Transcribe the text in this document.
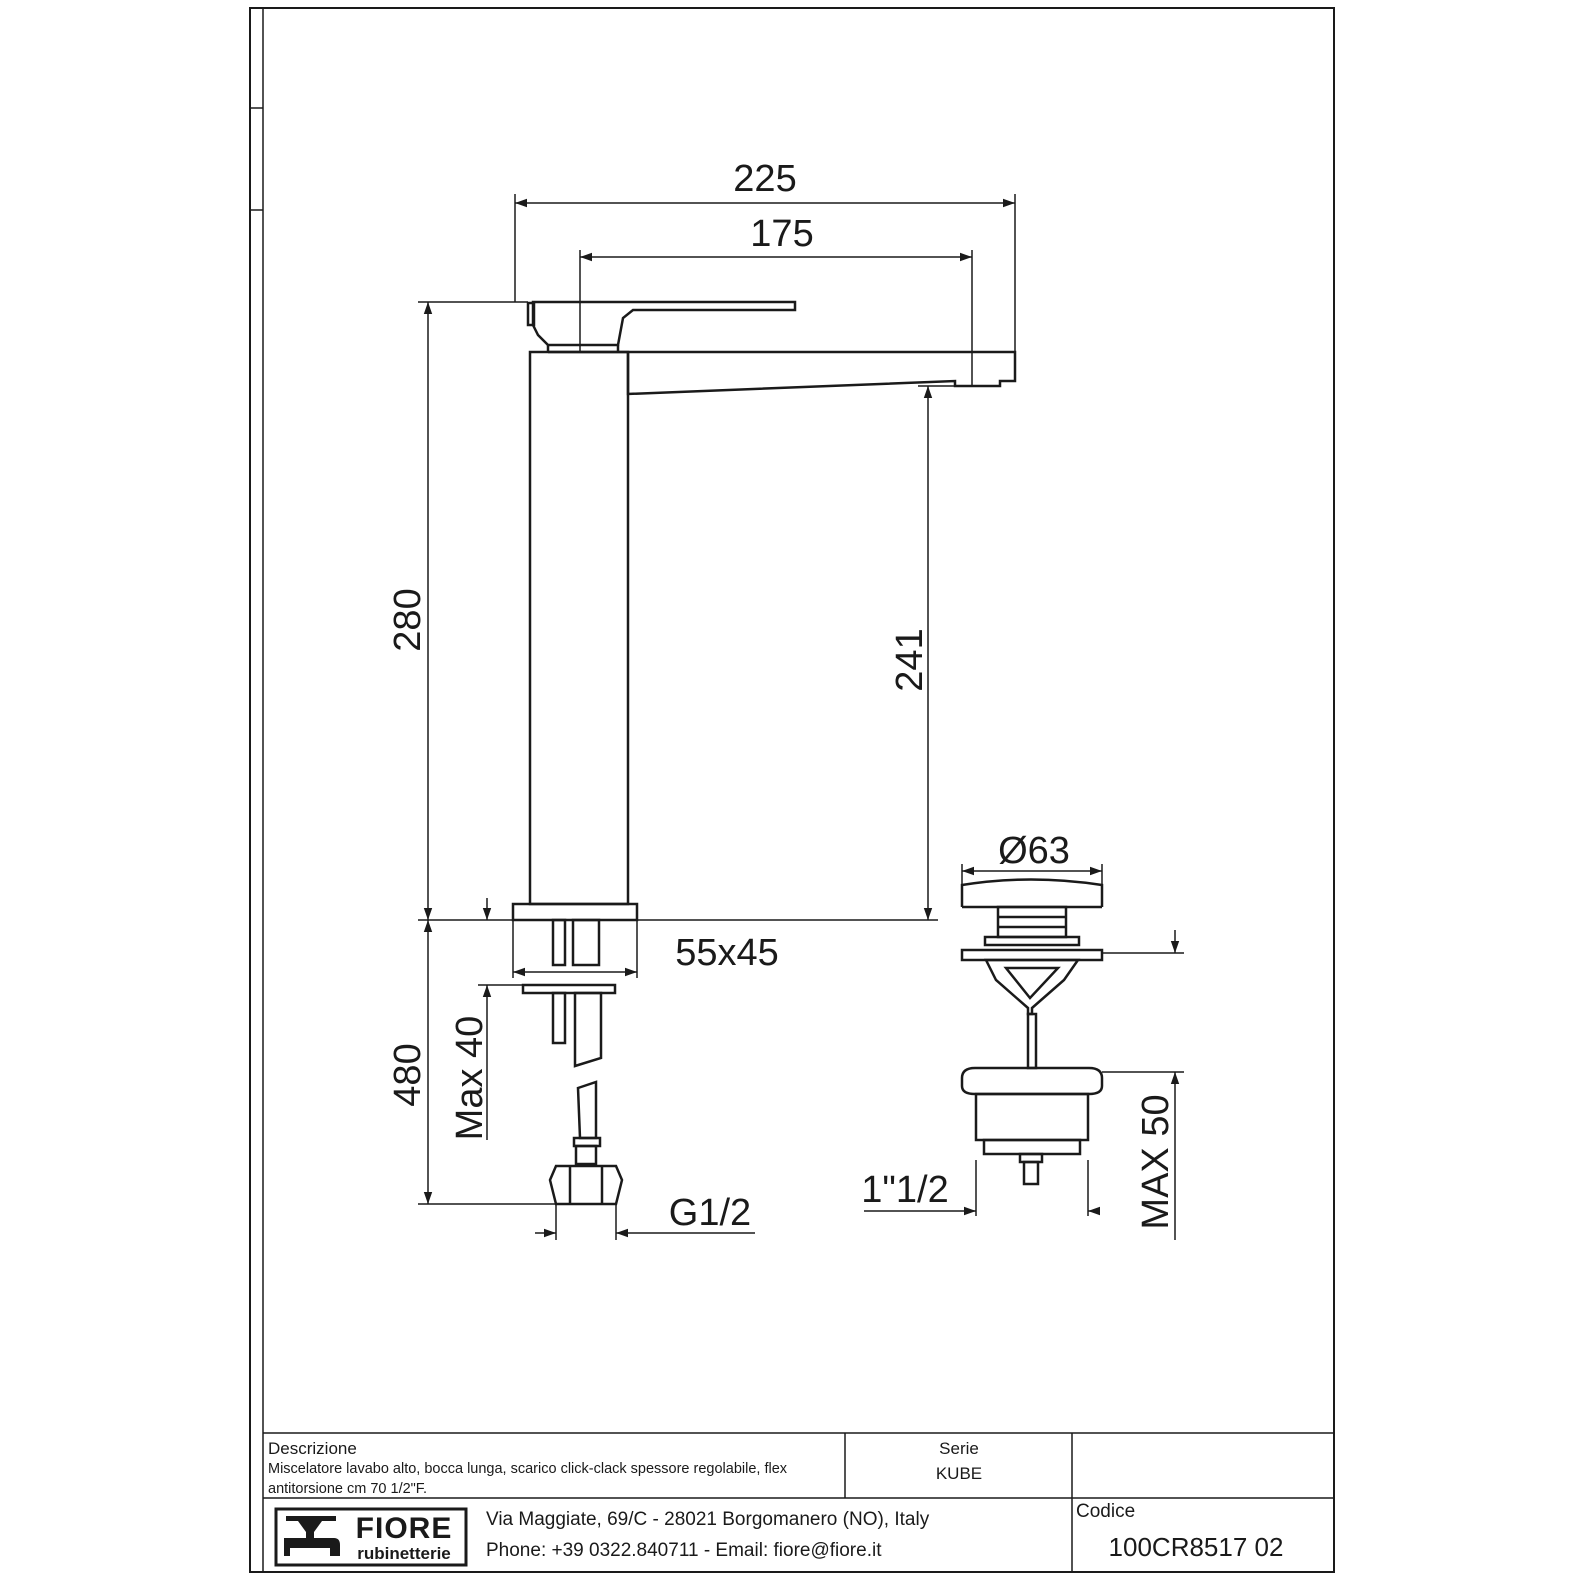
225
175
280
241
55x45
480 Max 40
G1/2
Ø63
1"1/2	MAX 50
Descrizione
Miscelatore lavabo alto, bocca lunga, scarico click-clack spessore regolabile, flex
antitorsione cm 70 1/2"F.
Serie
KUBE
FIORE
rubinetterie
Via Maggiate, 69/C - 28021 Borgomanero (NO), Italy
Phone: +39 0322.840711 - Email: fiore@fiore.it
Codice
100CR8517 02
